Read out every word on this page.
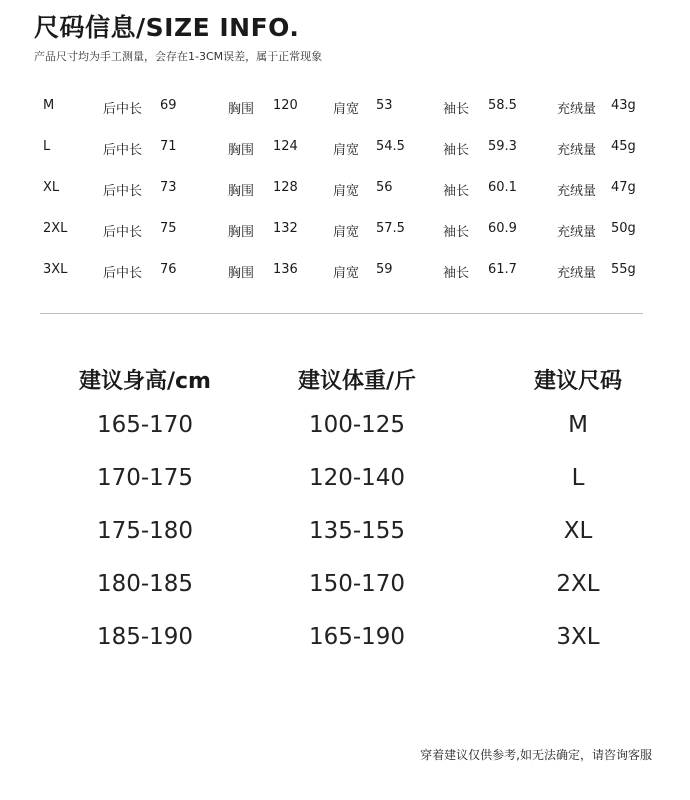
尺码信息/SIZE INFO.
产品尺寸均为手工测量，会存在1-3CM误差，属于正常现象
M	后中长 69	胸围 120	肩宽 53	袖长 58.5	充绒量 43g
L	后中长 71	胸围 124	肩宽 54.5	袖长 59.3	充绒量 45g
XL	后中长 73	胸围 128	肩宽 56	袖长 60.1	充绒量 47g
2XL	后中长 75	胸围 132	肩宽 57.5	袖长 60.9	充绒量 50g
3XL	后中长 76	胸围 136	肩宽 59	袖长 61.7	充绒量 55g
建议身高/cm	建议体重/斤	建议尺码
165-170	100-125	M
170-175	120-140	L
175-180	135-155	XL
180-185	150-170	2XL
185-190	165-190	3XL
穿着建议仅供参考,如无法确定，请咨询客服
